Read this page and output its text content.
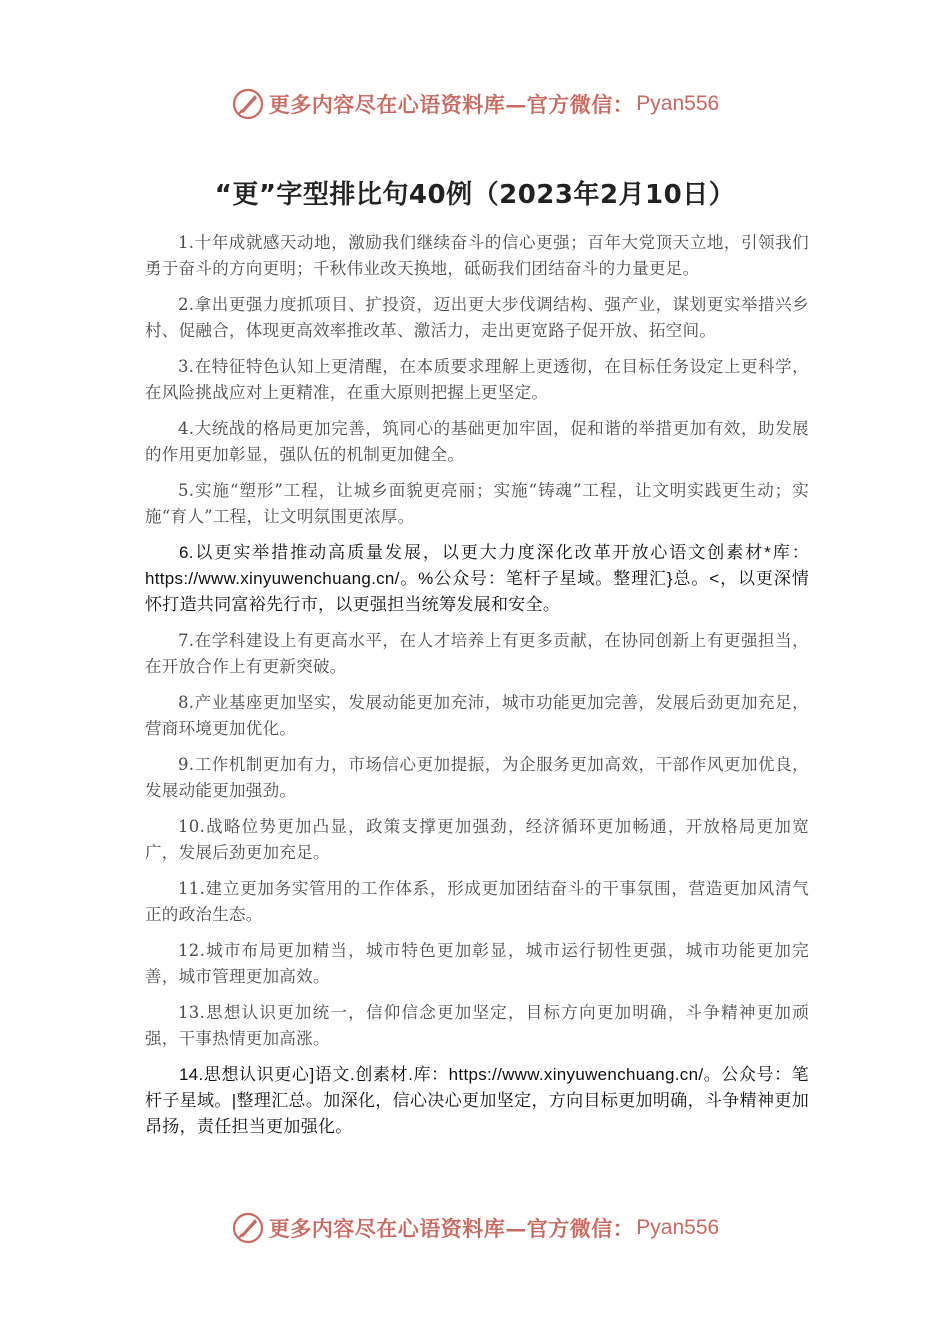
更多内容尽在心语资料库—官方微信： Pyan556
“更”字型排比句40例（2023年2月10日）

1.十年成就感天动地，激励我们继续奋斗的信心更强；百年大党顶天立地，引领我们勇于奋斗的方向更明；千秋伟业改天换地，砥砺我们团结奋斗的力量更足。

2.拿出更强力度抓项目、扩投资，迈出更大步伐调结构、强产业，谋划更实举措兴乡村、促融合，体现更高效率推改革、激活力，走出更宽路子促开放、拓空间。

3.在特征特色认知上更清醒，在本质要求理解上更透彻，在目标任务设定上更科学，在风险挑战应对上更精准，在重大原则把握上更坚定。

4.大统战的格局更加完善，筑同心的基础更加牢固，促和谐的举措更加有效，助发展的作用更加彰显，强队伍的机制更加健全。

5.实施“塑形”工程，让城乡面貌更亮丽；实施“铸魂”工程，让文明实践更生动；实施“育人”工程，让文明氛围更浓厚。

6.以更实举措推动高质量发展，以更大力度深化改革开放心语文创素材*库：https://www.xinyuwenchuang.cn/。%公众号：笔杆子星域。整理汇}总。<，以更深情怀打造共同富裕先行市，以更强担当统筹发展和安全。

7.在学科建设上有更高水平，在人才培养上有更多贡献，在协同创新上有更强担当，在开放合作上有更新突破。

8.产业基座更加坚实，发展动能更加充沛，城市功能更加完善，发展后劲更加充足，营商环境更加优化。

9.工作机制更加有力，市场信心更加提振，为企服务更加高效，干部作风更加优良，发展动能更加强劲。

10.战略位势更加凸显，政策支撑更加强劲，经济循环更加畅通，开放格局更加宽广，发展后劲更加充足。

11.建立更加务实管用的工作体系，形成更加团结奋斗的干事氛围，营造更加风清气正的政治生态。

12.城市布局更加精当，城市特色更加彰显，城市运行韧性更强，城市功能更加完善，城市管理更加高效。

13.思想认识更加统一，信仰信念更加坚定，目标方向更加明确，斗争精神更加顽强，干事热情更加高涨。

14.思想认识更心]语文.创素材.库：https://www.xinyuwenchuang.cn/。公众号：笔杆子星域。|整理汇总。加深化，信心决心更加坚定，方向目标更加明确，斗争精神更加昂扬，责任担当更加强化。

更多内容尽在心语资料库—官方微信： Pyan556
